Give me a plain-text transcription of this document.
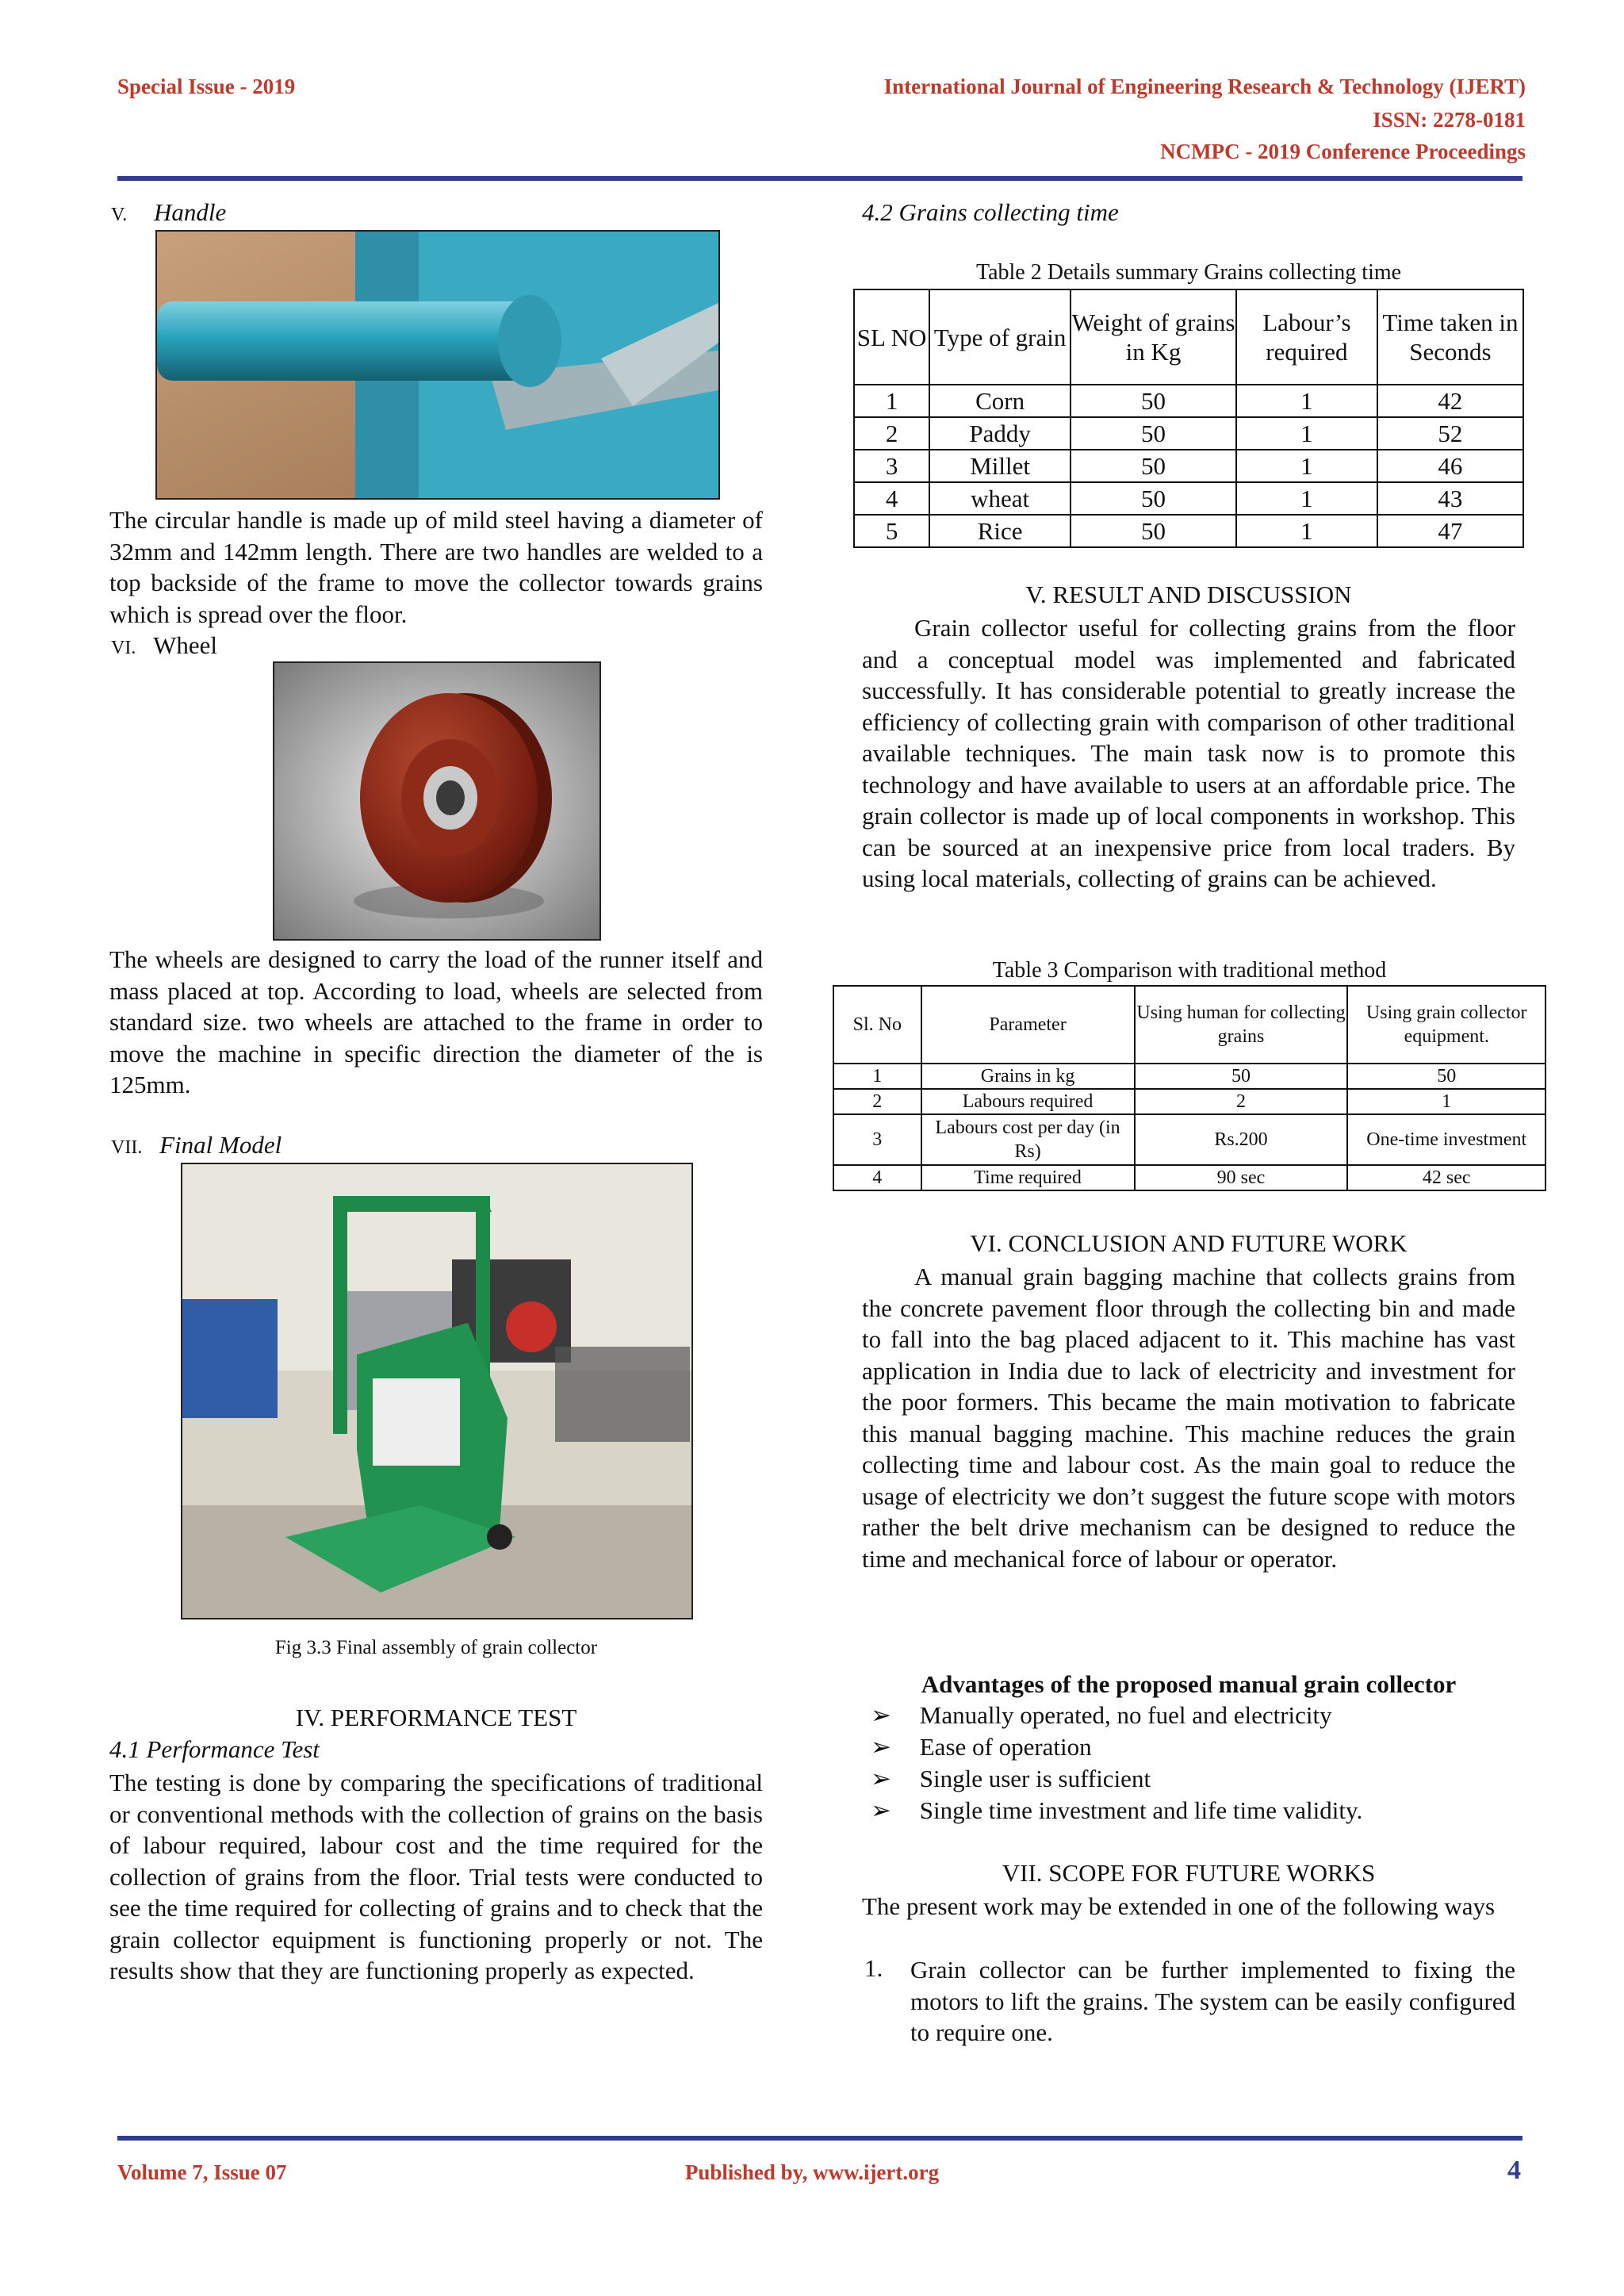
Special Issue - 2019	International Journal of Engineering Research & Technology (IJERT)
ISSN: 2278-0181
NCMPC - 2019 Conference Proceedings
V. Handle

The circular handle is made up of mild steel having a diameter of 32mm and 142mm length. There are two handles are welded to a top backside of the frame to move the collector towards grains which is spread over the floor.

VI. Wheel

The wheels are designed to carry the load of the runner itself and mass placed at top. According to load, wheels are selected from standard size. two wheels are attached to the frame in order to move the machine in specific direction the diameter of the is 125mm.

VII. Final Model
Fig 3.3 Final assembly of grain collector
IV. PERFORMANCE TEST
4.1 Performance Test

The testing is done by comparing the specifications of traditional or conventional methods with the collection of grains on the basis of labour required, labour cost and the time required for the collection of grains from the floor. Trial tests were conducted to see the time required for collecting of grains and to check that the grain collector equipment is functioning properly or not. The results show that they are functioning properly as expected.

4.2 Grains collecting time
Table 2 Details summary Grains collecting time
SL NO	Type of grain	Weight of grains in Kg	Labour’s required	Time taken in Seconds
1	Corn	50	1	42
2	Paddy	50	1	52
3	Millet	50	1	46
4	wheat	50	1	43
5	Rice	50	1	47
V. RESULT AND DISCUSSION

Grain collector useful for collecting grains from the floor and a conceptual model was implemented and fabricated successfully. It has considerable potential to greatly increase the efficiency of collecting grain with comparison of other traditional available techniques. The main task now is to promote this technology and have available to users at an affordable price. The grain collector is made up of local components in workshop. This can be sourced at an inexpensive price from local traders. By using local materials, collecting of grains can be achieved.

Table 3 Comparison with traditional method
Sl. No	Parameter	Using human for collecting grains	Using grain collector equipment.
1	Grains in kg	50	50
2	Labours required	2	1
3	Labours cost per day (in Rs)	Rs.200	One-time investment
4	Time required	90 sec	42 sec
VI. CONCLUSION AND FUTURE WORK

A manual grain bagging machine that collects grains from the concrete pavement floor through the collecting bin and made to fall into the bag placed adjacent to it. This machine has vast application in India due to lack of electricity and investment for the poor formers. This became the main motivation to fabricate this manual bagging machine. This machine reduces the grain collecting time and labour cost. As the main goal to reduce the usage of electricity we don’t suggest the future scope with motors rather the belt drive mechanism can be designed to reduce the time and mechanical force of labour or operator.

Advantages of the proposed manual grain collector
➢ Manually operated, no fuel and electricity
➢ Ease of operation
➢ Single user is sufficient
➢ Single time investment and life time validity.
VII. SCOPE FOR FUTURE WORKS

The present work may be extended in one of the following ways

1. Grain collector can be further implemented to fixing the motors to lift the grains. The system can be easily configured to require one.

Volume 7, Issue 07	Published by, www.ijert.org	4
